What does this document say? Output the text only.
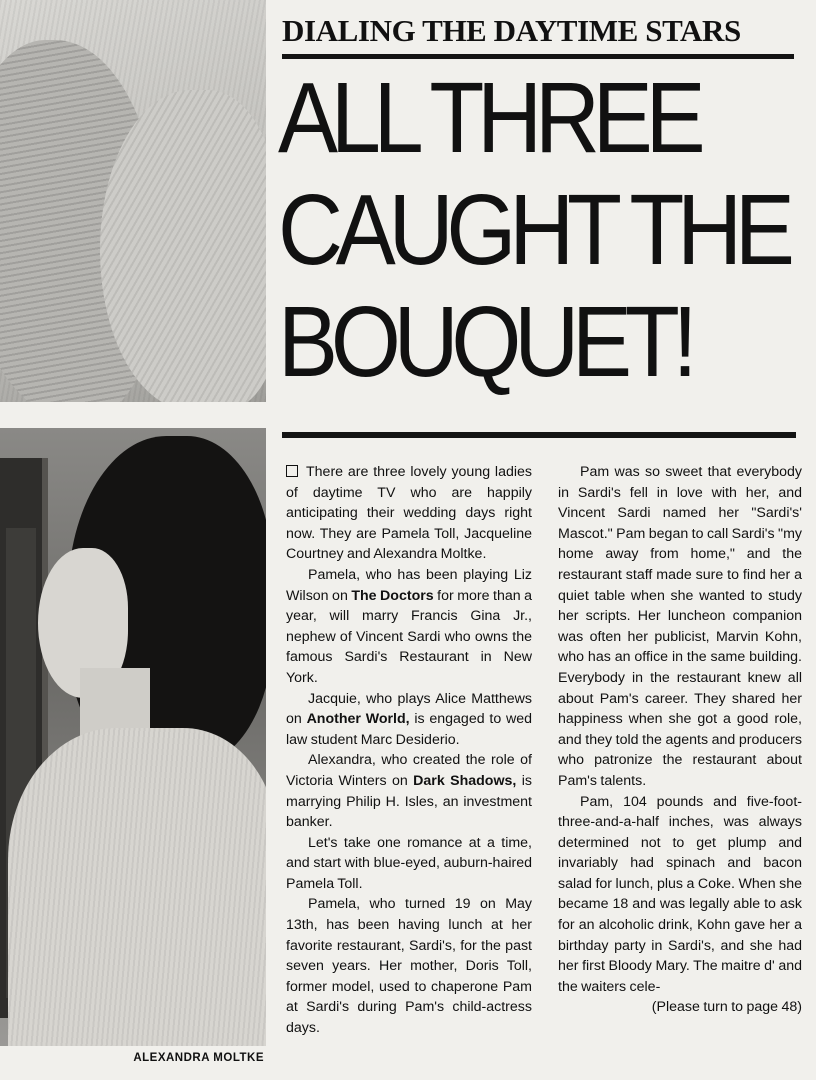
ALEXANDRA MOLTKE
DIALING THE DAYTIME STARS
ALL THREE
CAUGHT THE
BOUQUET!

There are three lovely young ladies of daytime TV who are happily anticipating their wedding days right now. They are Pamela Toll, Jacqueline Courtney and Alexandra Moltke.

Pamela, who has been playing Liz Wilson on The Doctors for more than a year, will marry Francis Gina Jr., nephew of Vincent Sardi who owns the famous Sardi's Restaurant in New York.

Jacquie, who plays Alice Matthews on Another World, is engaged to wed law student Marc Desiderio.

Alexandra, who created the role of Victoria Winters on Dark Shadows, is marrying Philip H. Isles, an investment banker.

Let's take one romance at a time, and start with blue-eyed, auburn-haired Pamela Toll.

Pamela, who turned 19 on May 13th, has been having lunch at her favorite restaurant, Sardi's, for the past seven years. Her mother, Doris Toll, former model, used to chaperone Pam at Sardi's during Pam's child-actress days.

Pam was so sweet that everybody in Sardi's fell in love with her, and Vincent Sardi named her "Sardi's' Mascot." Pam began to call Sardi's "my home away from home," and the restaurant staff made sure to find her a quiet table when she wanted to study her scripts. Her luncheon companion was often her publicist, Marvin Kohn, who has an office in the same building. Everybody in the restaurant knew all about Pam's career. They shared her happiness when she got a good role, and they told the agents and producers who patronize the restaurant about Pam's talents.

Pam, 104 pounds and five-foot-three-and-a-half inches, was always determined not to get plump and invariably had spinach and bacon salad for lunch, plus a Coke. When she became 18 and was legally able to ask for an alcoholic drink, Kohn gave her a birthday party in Sardi's, and she had her first Bloody Mary. The maitre d' and the waiters cele-

(Please turn to page 48)
